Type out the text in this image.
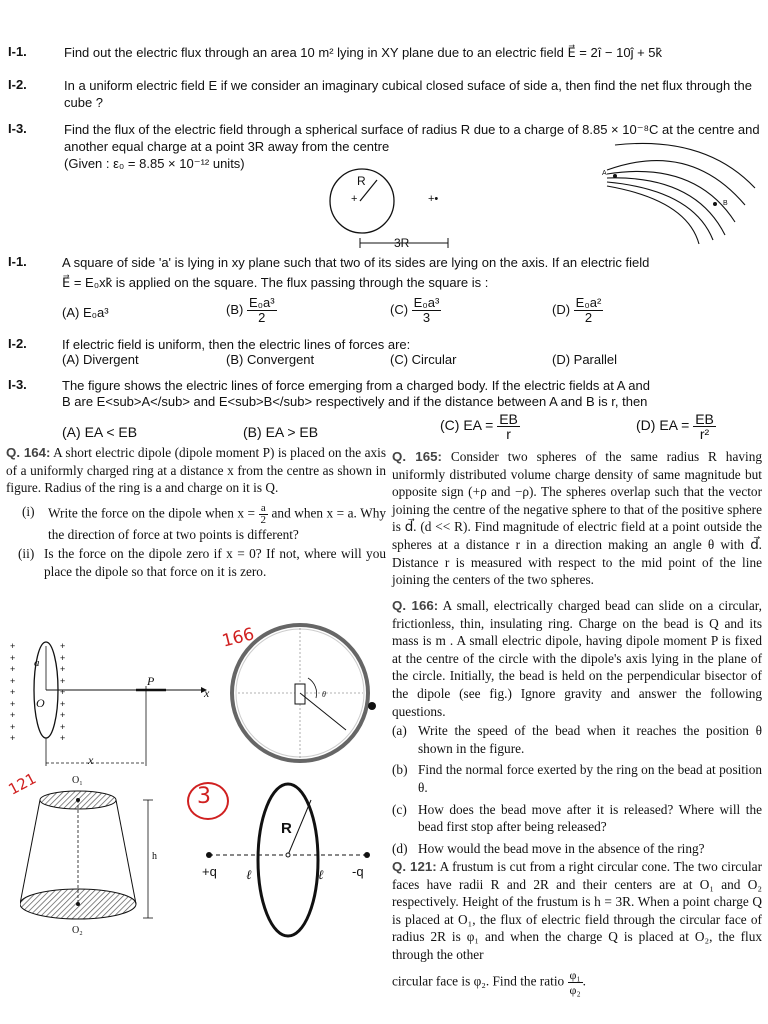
I-1.	Find out the electric flux through an area 10 m² lying in XY plane due to an electric field E⃗ = 2î − 10ĵ + 5k̂
I-2.	In a uniform electric field E if we consider an imaginary cubical closed suface of side a, then find the net flux through the cube ?
I-3.	Find the flux of the electric field through a spherical surface of radius R due to a charge of 8.85 × 10⁻⁸C at the centre and another equal charge at a point 3R away from the centre
(Given : ε₀ = 8.85 × 10⁻¹² units)
R
+	+•
3R
A
B
I-1.	A square of side 'a' is lying in xy plane such that two of its sides are lying on the axis. If an electric field
E⃗ = E₀xk̂ is applied on the square. The flux passing through the square is :
(A) E₀a³	$(B) \frac{\text{E₀a³}}{2}$	$(C) \frac{\text{E₀a³}}{3}$	$(D) \frac{\text{E₀a²}}{2}$
I-2.	If electric field is uniform, then the electric lines of forces are:
(A) Divergent	(B) Convergent	(C) Circular	(D) Parallel
I-3.	The figure shows the electric lines of force emerging from a charged body. If the electric fields at A and
B are E<sub>A</sub> and E<sub>B</sub> respectively and if the distance between A and B is r, then
(A) EA < EB	(B) EA > EB	(C) EA = $\frac{EB}{r}$	(D) EA = $\frac{EB}{\text{r²}}$
Q. 164: A short electric dipole (dipole moment P) is placed on the axis of a uniformly charged ring at a distance x from the centre as shown in figure. Radius of the ring is a and charge on it is Q.
(i)	Write the force on the dipole when $x = \frac{a}{2}$ and when x = a. Why the direction of force at two points is different?
(ii) Is the force on the dipole zero if x = 0? If not, where will you place the dipole so that force on it is zero.
Q. 165: Consider two spheres of the same radius R having uniformly distributed volume charge density of same magnitude but opposite sign (+ρ and −ρ). The spheres overlap such that the vector joining the centre of the negative sphere to that of the positive sphere is d⃗. (d << R). Find magnitude of electric field at a point outside the spheres at a distance r in a direction making an angle θ with d⃗. Distance r is measured with respect to the mid point of the line joining the centers of the two spheres.
Q. 166: A small, electrically charged bead can slide on a circular, frictionless, thin, insulating ring. Charge on the bead is Q and its mass is m . A small electric dipole, having dipole moment P is fixed at the centre of the circle with the dipole's axis lying in the plane of the circle. Initially, the bead is held on the perpendicular bisector of the dipole (see fig.) Ignore gravity and answer the following questions.
(a) Write the speed of the bead when it reaches the position θ shown in the figure.
(b) Find the normal force exerted by the ring on the bead at position θ.
(c) How does the bead move after it is released? Where will the bead first stop after being released?
(d) How would the bead move in the absence of the ring?
Q. 121: A frustum is cut from a right circular cone. The two circular faces have radii R and 2R and their centers are at O₁ and O₂ respectively. Height of the frustum is h = 3R. When a point charge Q is placed at O₁, the flux of electric field through the circular face of radius 2R is φ₁ and when the charge Q is placed at O₂, the flux through the other
circular face is φ₂. Find the ratio $\frac{\text{φ₁}}{\text{φ₂}}$ .
+
+
+
+
+
+
+
+
+
+
+
+
+
+
+
+
+
+
a
O
P
x
x
θ
O₁
O₂
h
R
+q	-q
ℓ	ℓ
166
121	3
